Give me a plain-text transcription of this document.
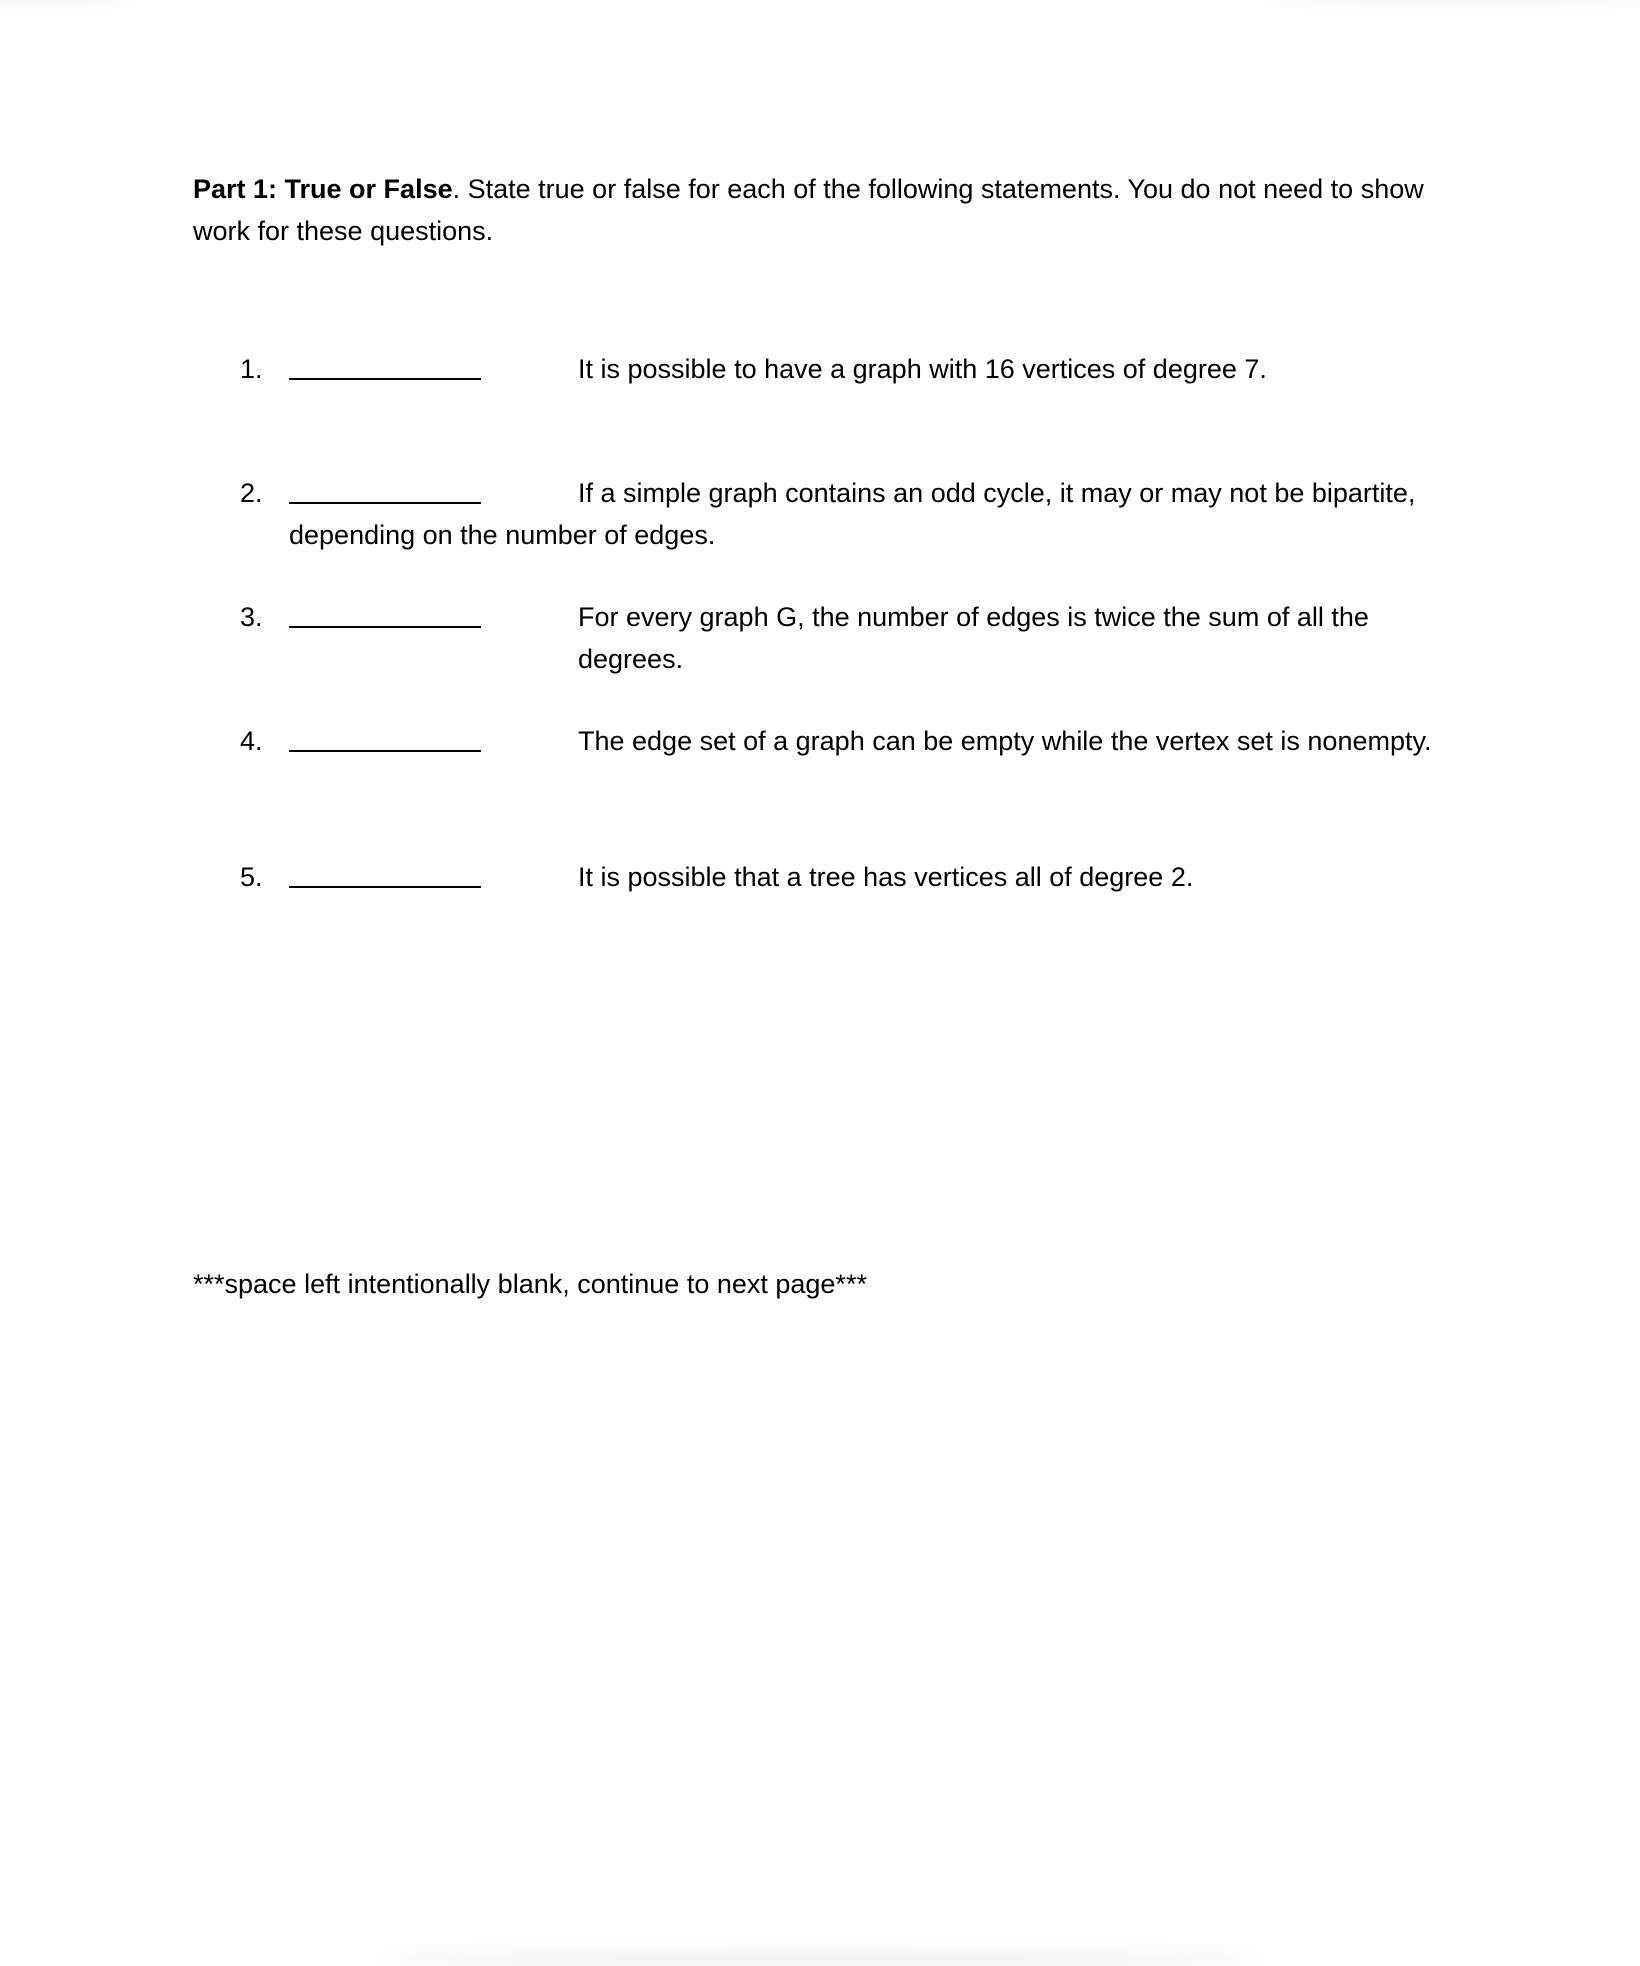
Part 1: True or False. State true or false for each of the following statements. You do not need to show work for these questions.
1.	It is possible to have a graph with 16 vertices of degree 7.
2.	If a simple graph contains an odd cycle, it may or may not be bipartite,
depending on the number of edges.
3.	For every graph G, the number of edges is twice the sum of all the degrees.
4.	The edge set of a graph can be empty while the vertex set is nonempty.
5.	It is possible that a tree has vertices all of degree 2.
***space left intentionally blank, continue to next page***
